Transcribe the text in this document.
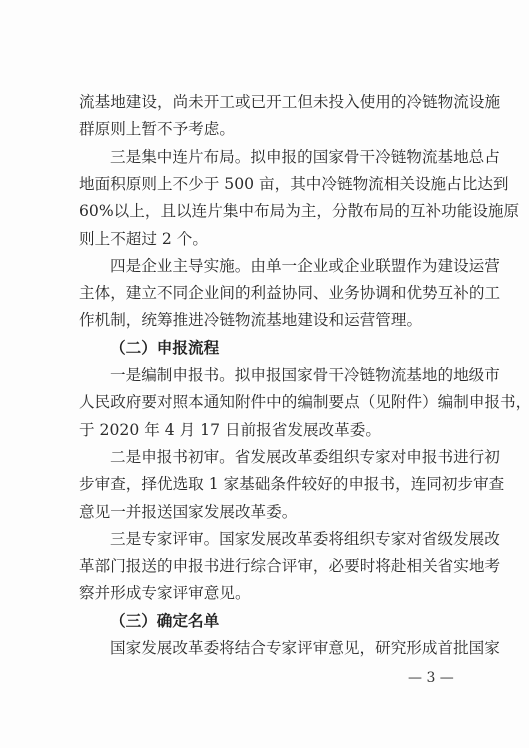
流基地建设，尚未开工或已开工但未投入使用的冷链物流设施
群原则上暂不予考虑。
三是集中连片布局。拟申报的国家骨干冷链物流基地总占
地面积原则上不少于 500 亩，其中冷链物流相关设施占比达到
60%以上，且以连片集中布局为主，分散布局的互补功能设施原
则上不超过 2 个。
四是企业主导实施。由单一企业或企业联盟作为建设运营
主体，建立不同企业间的利益协同、业务协调和优势互补的工
作机制，统筹推进冷链物流基地建设和运营管理。
（二）申报流程
一是编制申报书。拟申报国家骨干冷链物流基地的地级市
人民政府要对照本通知附件中的编制要点（见附件）编制申报书，
于 2020 年 4 月 17 日前报省发展改革委。
二是申报书初审。省发展改革委组织专家对申报书进行初
步审查，择优选取 1 家基础条件较好的申报书，连同初步审查
意见一并报送国家发展改革委。
三是专家评审。国家发展改革委将组织专家对省级发展改
革部门报送的申报书进行综合评审，必要时将赴相关省实地考
察并形成专家评审意见。
（三）确定名单
国家发展改革委将结合专家评审意见，研究形成首批国家
— 3 —
